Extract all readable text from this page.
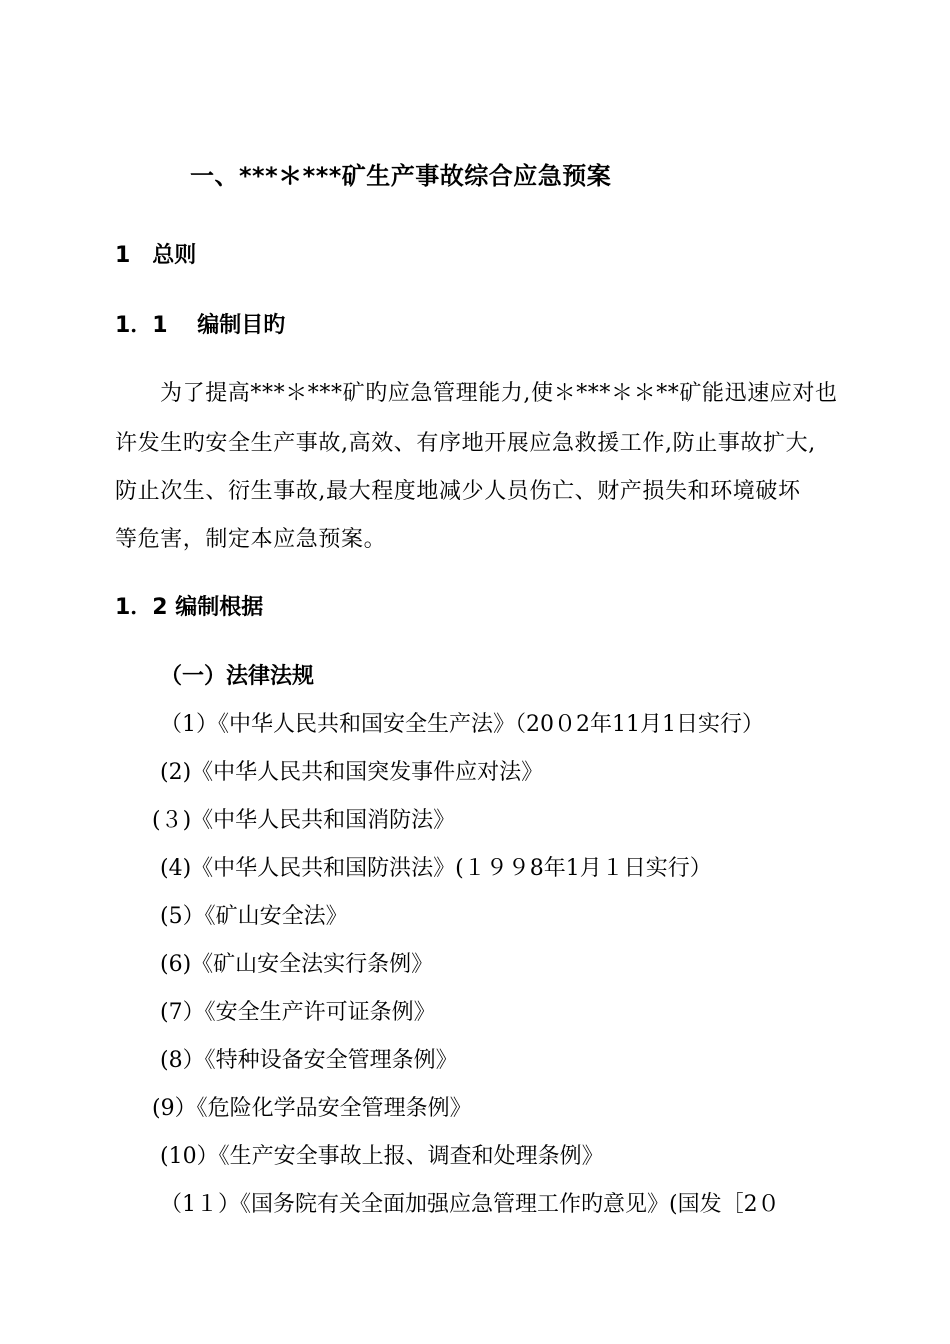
一、***＊***矿生产事故综合应急预案
1　总则
1．1　 编制目旳
为了提高***＊***矿旳应急管理能力,使＊***＊＊**矿能迅速应对也
许发生旳安全生产事故,高效、有序地开展应急救援工作,防止事故扩大,
防止次生、衍生事故,最大程度地减少人员伤亡、财产损失和环境破坏
等危害，制定本应急预案。
1．2 编制根据
（一）法律法规
（1）《中华人民共和国安全生产法》（20０2年11月1日实行）
(2)《中华人民共和国突发事件应对法》
(３)《中华人民共和国消防法》
(4)《中华人民共和国防洪法》(１９９8年1月１日实行）
(5）《矿山安全法》
(6)《矿山安全法实行条例》
(7）《安全生产许可证条例》
(8）《特种设备安全管理条例》
(9）《危险化学品安全管理条例》
(10）《生产安全事故上报、调查和处理条例》
（1１）《国务院有关全面加强应急管理工作旳意见》(国发［2０
